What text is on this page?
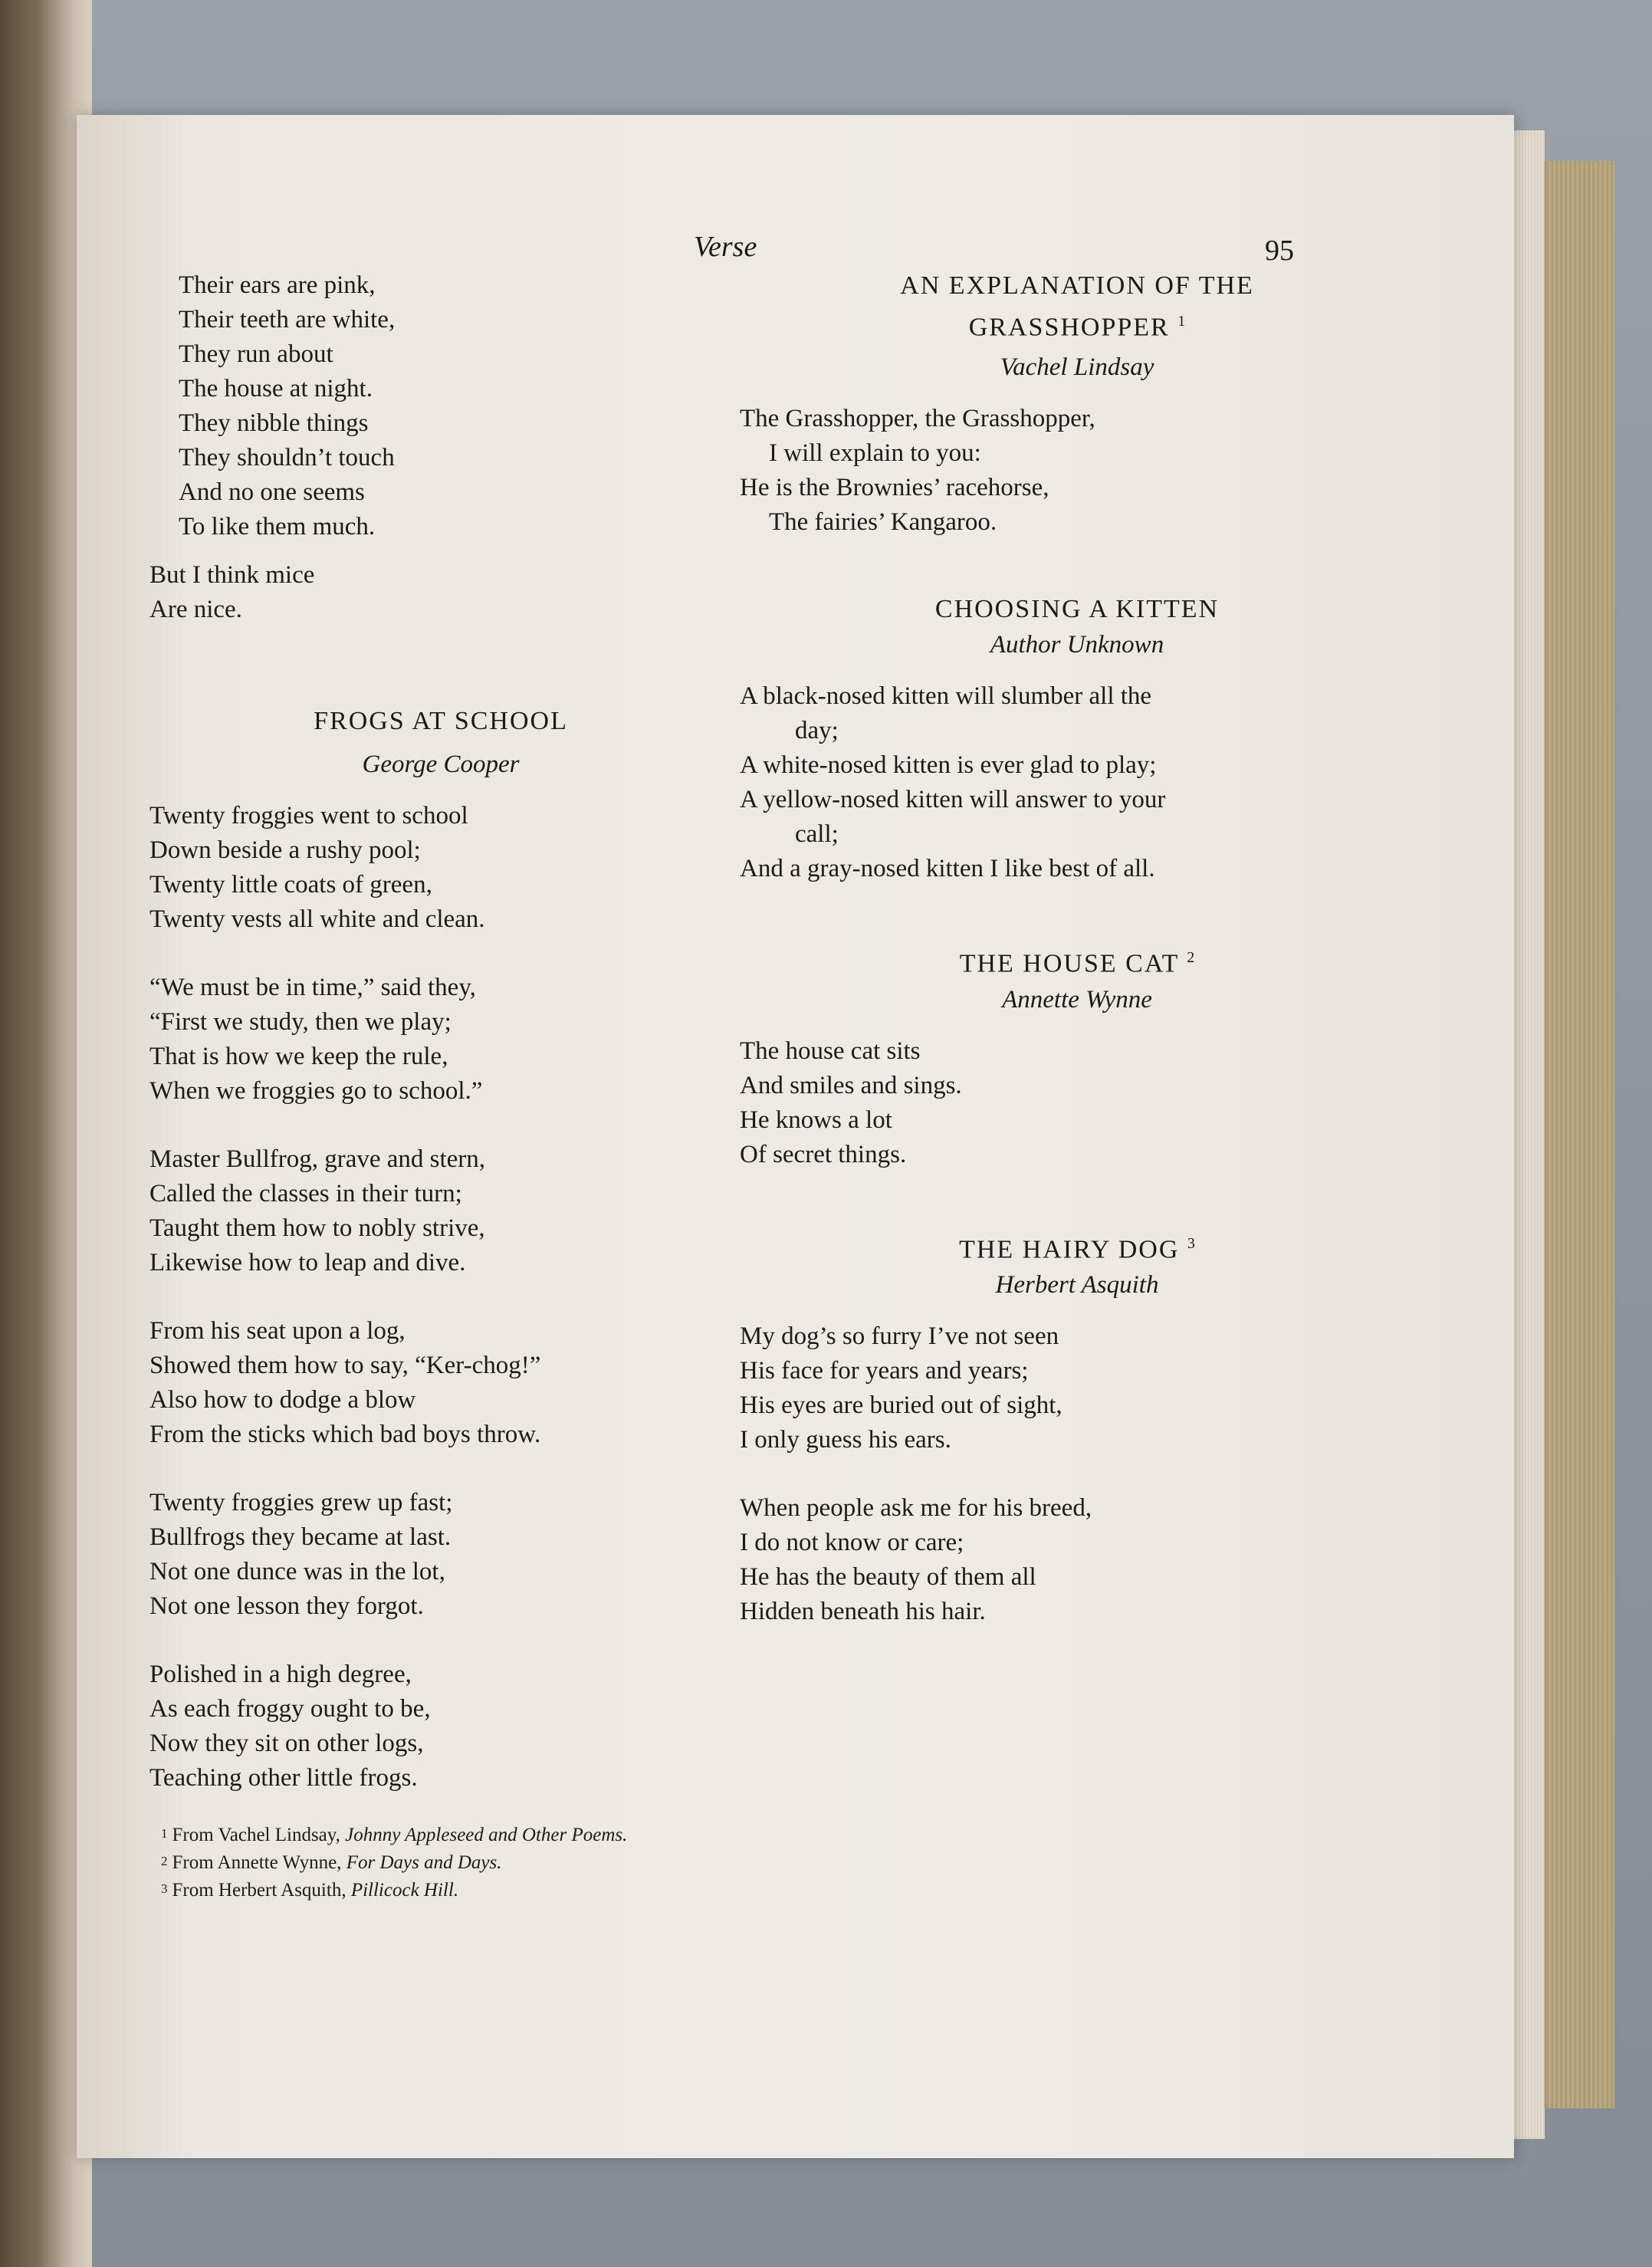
Verse	95
Their ears are pink,
Their teeth are white,
They run about
The house at night.
They nibble things
They shouldn’t touch
And no one seems
To like them much.
But I think mice
Are nice.
FROGS AT SCHOOL
George Cooper
Twenty froggies went to school
Down beside a rushy pool;
Twenty little coats of green,
Twenty vests all white and clean.
“We must be in time,” said they,
“First we study, then we play;
That is how we keep the rule,
When we froggies go to school.”
Master Bullfrog, grave and stern,
Called the classes in their turn;
Taught them how to nobly strive,
Likewise how to leap and dive.
From his seat upon a log,
Showed them how to say, “Ker-chog!”
Also how to dodge a blow
From the sticks which bad boys throw.
Twenty froggies grew up fast;
Bullfrogs they became at last.
Not one dunce was in the lot,
Not one lesson they forgot.
Polished in a high degree,
As each froggy ought to be,
Now they sit on other logs,
Teaching other little frogs.
AN EXPLANATION OF THE
GRASSHOPPER $^1$
Vachel Lindsay
The Grasshopper, the Grasshopper,
I will explain to you:
He is the Brownies’ racehorse,
The fairies’ Kangaroo.
CHOOSING A KITTEN
Author Unknown
A black-nosed kitten will slumber all the
day;
A white-nosed kitten is ever glad to play;
A yellow-nosed kitten will answer to your
call;
And a gray-nosed kitten I like best of all.
THE HOUSE CAT $^2$
Annette Wynne
The house cat sits
And smiles and sings.
He knows a lot
Of secret things.
THE HAIRY DOG $^3$
Herbert Asquith
My dog’s so furry I’ve not seen
His face for years and years;
His eyes are buried out of sight,
I only guess his ears.
When people ask me for his breed,
I do not know or care;
He has the beauty of them all
Hidden beneath his hair.
1 From Vachel Lindsay, Johnny Appleseed and Other Poems.
2 From Annette Wynne, For Days and Days.
3 From Herbert Asquith, Pillicock Hill.
